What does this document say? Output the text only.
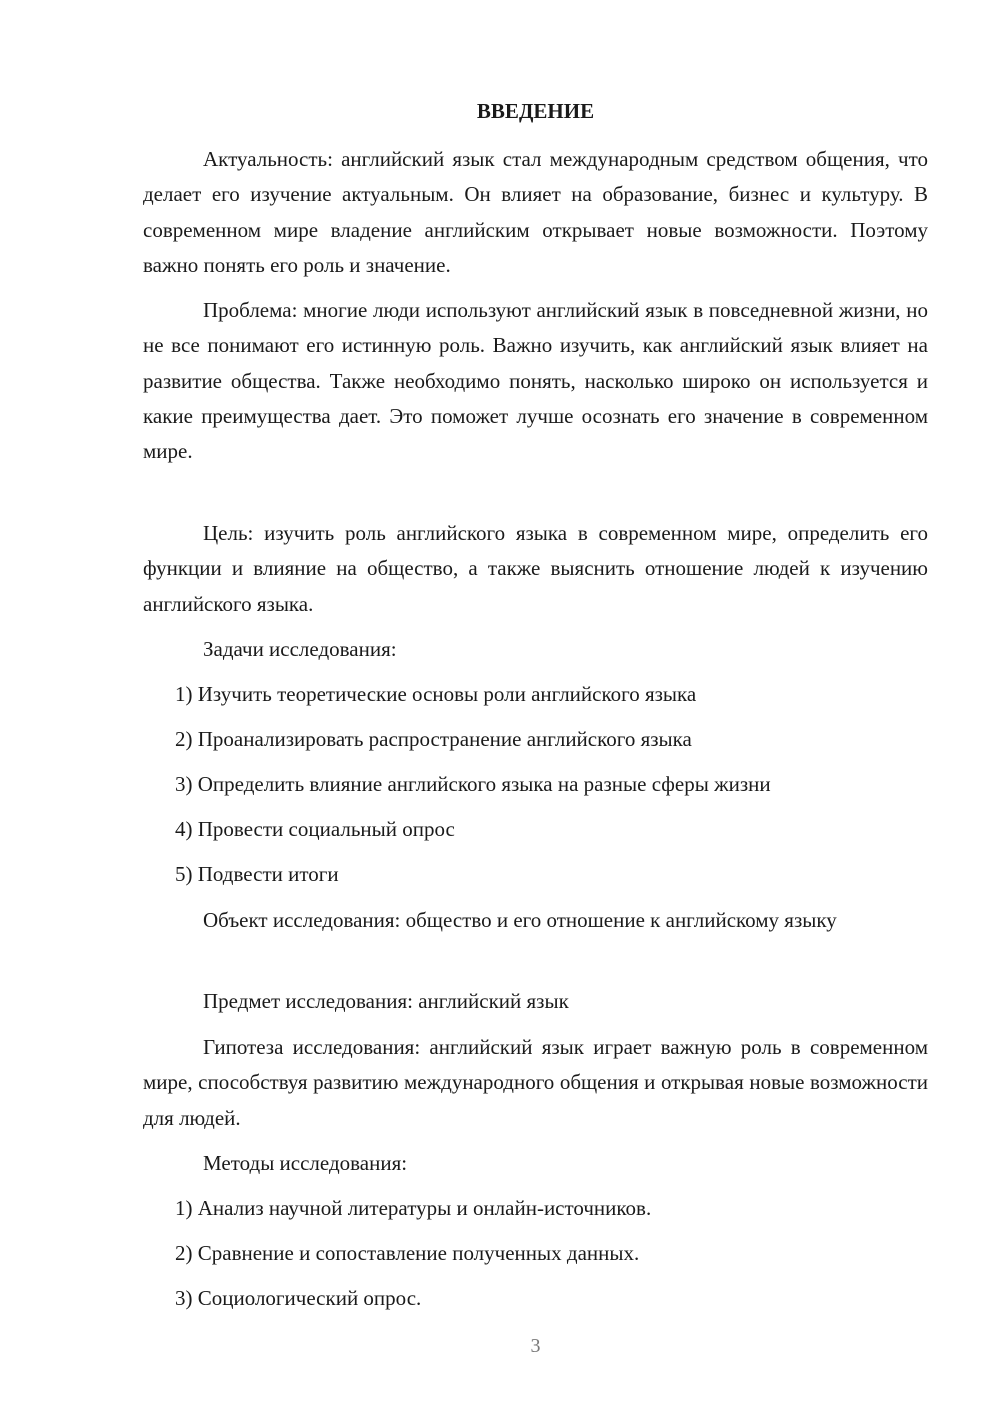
ВВЕДЕНИЕ

Актуальность: английский язык стал международным средством общения, что делает его изучение актуальным. Он влияет на образование, бизнес и культуру. В современном мире владение английским открывает новые возможности. Поэтому важно понять его роль и значение.

Проблема: многие люди используют английский язык в повседневной жизни, но не все понимают его истинную роль. Важно изучить, как английский язык влияет на развитие общества. Также необходимо понять, насколько широко он используется и какие преимущества дает. Это поможет лучше осознать его значение в современном мире.

Цель: изучить роль английского языка в современном мире, определить его функции и влияние на общество, а также выяснить отношение людей к изучению английского языка.

Задачи исследования:

1) Изучить теоретические основы роли английского языка

2) Проанализировать распространение английского языка

3) Определить влияние английского языка на разные сферы жизни

4) Провести социальный опрос

5) Подвести итоги

Объект исследования: общество и его отношение к английскому языку

Предмет исследования: английский язык

Гипотеза исследования: английский язык играет важную роль в современном мире, способствуя развитию международного общения и открывая новые возможности для людей.

Методы исследования:

1) Анализ научной литературы и онлайн-источников.

2) Сравнение и сопоставление полученных данных.

3) Социологический опрос.

3
